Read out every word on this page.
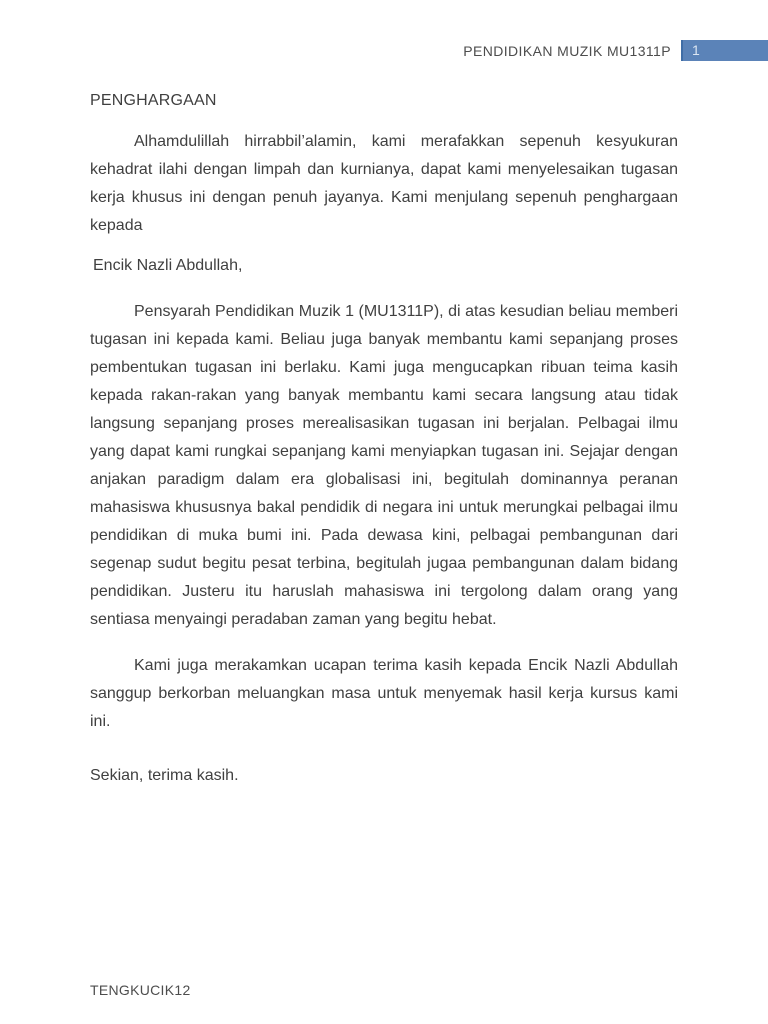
PENDIDIKAN MUZIK MU1311P	1
PENGHARGAAN

Alhamdulillah hirrabbil’alamin, kami merafakkan sepenuh kesyukuran kehadrat ilahi dengan limpah dan kurnianya, dapat kami menyelesaikan tugasan kerja khusus ini dengan penuh jayanya. Kami menjulang sepenuh penghargaan kepada

Encik Nazli Abdullah,

Pensyarah Pendidikan Muzik 1 (MU1311P), di atas kesudian beliau memberi tugasan ini kepada kami. Beliau juga banyak membantu kami sepanjang proses pembentukan tugasan ini berlaku. Kami juga mengucapkan ribuan teima kasih kepada rakan-rakan yang banyak membantu kami secara langsung atau tidak langsung sepanjang proses merealisasikan tugasan ini berjalan. Pelbagai ilmu yang dapat kami rungkai sepanjang kami menyiapkan tugasan ini. Sejajar dengan anjakan paradigm dalam era globalisasi ini, begitulah dominannya peranan mahasiswa khususnya bakal pendidik di negara ini untuk merungkai pelbagai ilmu pendidikan di muka bumi ini. Pada dewasa kini, pelbagai pembangunan dari segenap sudut begitu pesat terbina, begitulah jugaa pembangunan dalam bidang pendidikan. Justeru itu haruslah mahasiswa ini tergolong dalam orang yang sentiasa menyaingi peradaban zaman yang begitu hebat.

Kami juga merakamkan ucapan terima kasih kepada Encik Nazli Abdullah sanggup berkorban meluangkan masa untuk menyemak hasil kerja kursus kami ini.

Sekian, terima kasih.

TENGKUCIK12
